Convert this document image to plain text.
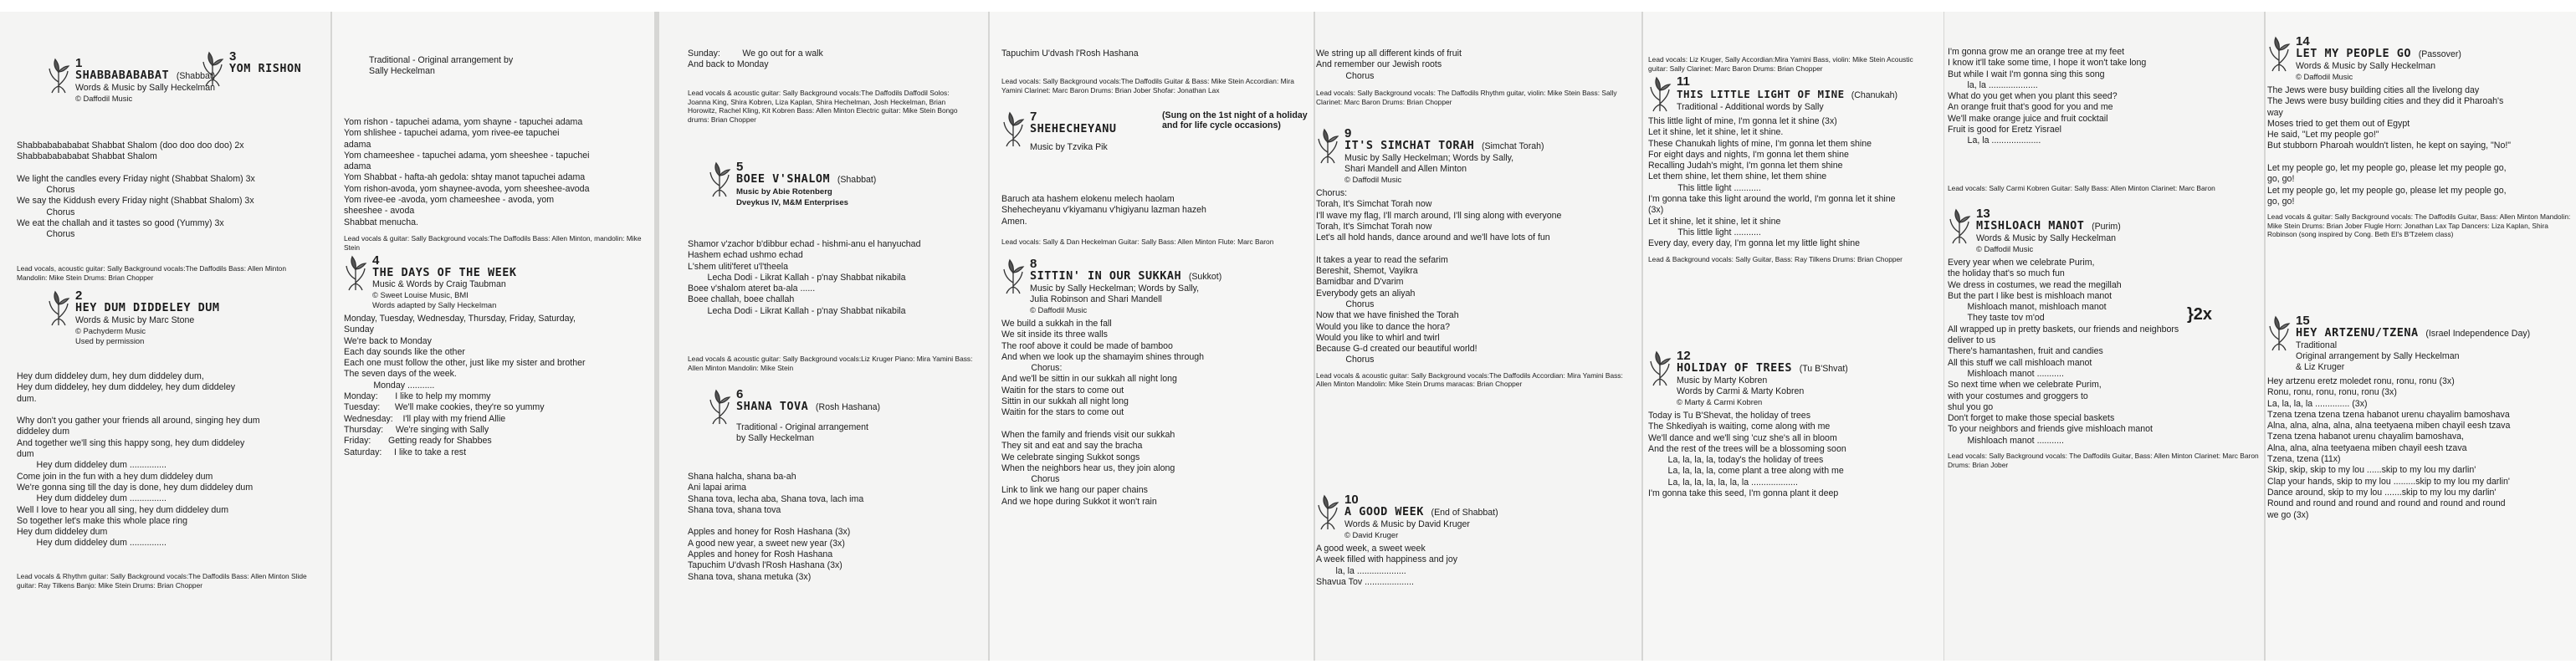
1
SHABBABABABAT (Shabbat)
Words & Music by Sally Heckelman
© Daffodil Music
Shabbababababat Shabbat Shalom (doo doo doo doo) 2x
Shabbababababat Shabbat Shalom

We light the candles every Friday night (Shabbat Shalom) 3x
Chorus
We say the Kiddush every Friday night (Shabbat Shalom) 3x
Chorus
We eat the challah and it tastes so good (Yummy) 3x
Chorus
Lead vocals, acoustic guitar: Sally Background vocals:The Daffodils Bass: Allen Minton Mandolin: Mike Stein Drums: Brian Chopper
2
HEY DUM DIDDELEY DUM
Words & Music by Marc Stone
© Pachyderm Music
Used by permission
Hey dum diddeley dum, hey dum diddeley dum,
Hey dum diddeley, hey dum diddeley, hey dum diddeley
dum.

Why don't you gather your friends all around, singing hey dum
diddeley dum
And together we'll sing this happy song, hey dum diddeley
dum
Hey dum diddeley dum ...............
Come join in the fun with a hey dum diddeley dum
We're gonna sing till the day is done, hey dum diddeley dum
Hey dum diddeley dum ...............
Well I love to hear you all sing, hey dum diddeley dum
So together let's make this whole place ring
Hey dum diddeley dum
Hey dum diddeley dum ...............
Lead vocals & Rhythm guitar: Sally Background vocals:The Daffodils Bass: Allen Minton Slide guitar: Ray Tilkens Banjo: Mike Stein Drums: Brian Chopper
3
YOM RISHON
Traditional - Original arrangement by
Sally Heckelman
Yom rishon - tapuchei adama, yom shayne - tapuchei adama
Yom shlishee - tapuchei adama, yom rivee-ee tapuchei
adama
Yom chameeshee - tapuchei adama, yom sheeshee - tapuchei
adama
Yom Shabbat - hafta-ah gedola: shtay manot tapuchei adama
Yom rishon-avoda, yom shaynee-avoda, yom sheeshee-avoda
Yom rivee-ee -avoda, yom chameeshee - avoda, yom
sheeshee - avoda
Shabbat menucha.
Lead vocals & guitar: Sally Background vocals:The Daffodils Bass: Allen Minton, mandolin: Mike Stein
4
THE DAYS OF THE WEEK
Music & Words by Craig Taubman
© Sweet Louise Music, BMI
Words adapted by Sally Heckelman
Monday, Tuesday, Wednesday, Thursday, Friday, Saturday,
Sunday
We're back to Monday
Each day sounds like the other
Each one must follow the other, just like my sister and brother
The seven days of the week.
Monday ...........
Monday:       I like to help my mommy
Tuesday:      We'll make cookies, they're so yummy
Wednesday:    I'll play with my friend Allie
Thursday:     We're singing with Sally
Friday:       Getting ready for Shabbes
Saturday:     I like to take a rest
Sunday:         We go out for a walk
And back to Monday
Lead vocals & acoustic guitar: Sally Background vocals:The Daffodils Daffodil Solos: Joanna King, Shira Kobren, Liza Kaplan, Shira Hechelman, Josh Heckelman, Brian Horowitz, Rachel Kling, Kit Kobren Bass: Allen Minton Electric guitar: Mike Stein Bongo drums: Brian Chopper
5
BOEE V'SHALOM (Shabbat)
Music by Abie Rotenberg
Dveykus IV, M&M Enterprises
Shamor v'zachor b'dibbur echad - hishmi-anu el hanyuchad
Hashem echad ushmo echad
L'shem uliti'feret u'l'theela
Lecha Dodi - Likrat Kallah - p'nay Shabbat nikabila
Boee v'shalom ateret ba-ala ......
Boee challah, boee challah
Lecha Dodi - Likrat Kallah - p'nay Shabbat nikabila
Lead vocals & acoustic guitar: Sally Background vocals:Liz Kruger Piano: Mira Yamini Bass: Allen Minton Mandolin: Mike Stein
6
SHANA TOVA (Rosh Hashana)
Traditional - Original arrangement
by Sally Heckelman
Shana halcha, shana ba-ah
Ani lapai arima
Shana tova, lecha aba, Shana tova, lach ima
Shana tova, shana tova

Apples and honey for Rosh Hashana (3x)
A good new year, a sweet new year (3x)
Apples and honey for Rosh Hashana
Tapuchim U'dvash l'Rosh Hashana (3x)
Shana tova, shana metuka (3x)
Tapuchim U'dvash l'Rosh Hashana
Lead vocals: Sally Background vocals:The Daffodils Guitar & Bass: Mike Stein Accordian: Mira Yamini Clarinet: Marc Baron Drums: Brian Jober Shofar: Jonathan Lax
7
SHEHECHEYANU
(Sung on the 1st night of a holiday and for life cycle occasions)
Music by Tzvika Pik
Baruch ata hashem elokenu melech haolam
Shehecheyanu v'kiyamanu v'higiyanu lazman hazeh
Amen.
Lead vocals: Sally & Dan Heckelman Guitar: Sally Bass: Allen Minton Flute: Marc Baron
8
SITTIN' IN OUR SUKKAH (Sukkot)
Music by Sally Heckelman; Words by Sally,
Julia Robinson and Shari Mandell
© Daffodil Music
We build a sukkah in the fall
We sit inside its three walls
The roof above it could be made of bamboo
And when we look up the shamayim shines through
Chorus:
And we'll be sittin in our sukkah all night long
Waitin for the stars to come out
Sittin in our sukkah all night long
Waitin for the stars to come out

When the family and friends visit our sukkah
They sit and eat and say the bracha
We celebrate singing Sukkot songs
When the neighbors hear us, they join along
Chorus
Link to link we hang our paper chains
And we hope during Sukkot it won't rain
We string up all different kinds of fruit
And remember our Jewish roots
Chorus
Lead vocals: Sally Background vocals: The Daffodils Rhythm guitar, violin: Mike Stein Bass: Sally Clarinet: Marc Baron Drums: Brian Chopper
9
IT'S SIMCHAT TORAH (Simchat Torah)
Music by Sally Heckelman; Words by Sally,
Shari Mandell and Allen Minton
© Daffodil Music
Chorus:
Torah, It's Simchat Torah now
I'll wave my flag, I'll march around, I'll sing along with everyone
Torah, It's Simchat Torah now
Let's all hold hands, dance around and we'll have lots of fun

It takes a year to read the sefarim
Bereshit, Shemot, Vayikra
Bamidbar and D'varim
Everybody gets an aliyah
Chorus
Now that we have finished the Torah
Would you like to dance the hora?
Would you like to whirl and twirl
Because G-d created our beautiful world!
Chorus
Lead vocals & acoustic guitar: Sally Background vocals:The Daffodils Accordian: Mira Yamini Bass: Allen Minton Mandolin: Mike Stein Drums maracas: Brian Chopper
10
A GOOD WEEK (End of Shabbat)
Words & Music by David Kruger
© David Kruger
A good week, a sweet week
A week filled with happiness and joy
la, la ....................
Shavua Tov ....................
Lead vocals: Liz Kruger, Sally Accordian:Mira Yamini Bass, violin: Mike Stein Acoustic guitar: Sally Clarinet: Marc Baron Drums: Brian Chopper
11
THIS LITTLE LIGHT OF MINE (Chanukah)
Traditional - Additional words by Sally
This little light of mine, I'm gonna let it shine (3x)
Let it shine, let it shine, let it shine.
These Chanukah lights of mine, I'm gonna let them shine
For eight days and nights, I'm gonna let them shine
Recalling Judah's might, I'm gonna let them shine
Let them shine, let them shine, let them shine
This little light ...........
I'm gonna take this light around the world, I'm gonna let it shine
(3x)
Let it shine, let it shine, let it shine
This little light ...........
Every day, every day, I'm gonna let my little light shine
Lead & Background vocals: Sally Guitar, Bass: Ray Tilkens Drums: Brian Chopper
12
HOLIDAY OF TREES (Tu B'Shvat)
Music by Marty Kobren
Words by Carmi & Marty Kobren
© Marty & Carmi Kobren
Today is Tu B'Shevat, the holiday of trees
The Shkediyah is waiting, come along with me
We'll dance and we'll sing 'cuz she's all in bloom
And the rest of the trees will be a blossoming soon
La, la, la, la, today's the holiday of trees
La, la, la, la, come plant a tree along with me
La, la, la, la, la, la, la ...................
I'm gonna take this seed, I'm gonna plant it deep
I'm gonna grow me an orange tree at my feet
I know it'll take some time, I hope it won't take long
But while I wait I'm gonna sing this song
la, la ....................
What do you get when you plant this seed?
An orange fruit that's good for you and me
We'll make orange juice and fruit cocktail
Fruit is good for Eretz Yisrael
La, la ....................
Lead vocals: Sally Carmi Kobren Guitar: Sally Bass: Allen Minton Clarinet: Marc Baron
13
MISHLOACH MANOT (Purim)
Words & Music by Sally Heckelman
© Daffodil Music
Every year when we celebrate Purim,
the holiday that's so much fun
We dress in costumes, we read the megillah
But the part I like best is mishloach manot
Mishloach manot, mishloach manot
They taste tov m'od
All wrapped up in pretty baskets, our friends and neighbors
deliver to us
There's hamantashen, fruit and candies
All this stuff we call mishloach manot
Mishloach manot ...........
So next time when we celebrate Purim,
with your costumes and groggers to
shul you go
Don't forget to make those special baskets
To your neighbors and friends give mishloach manot
Mishloach manot ...........
}2x
Lead vocals: Sally Background vocals: The Daffodils Guitar, Bass: Allen Minton Clarinet: Marc Baron Drums: Brian Jober
14
LET MY PEOPLE GO (Passover)
Words & Music by Sally Heckelman
© Daffodil Music
The Jews were busy building cities all the livelong day
The Jews were busy building cities and they did it Pharoah's
way
Moses tried to get them out of Egypt
He said, "Let my people go!"
But stubborn Pharoah wouldn't listen, he kept on saying, "No!"

Let my people go, let my people go, please let my people go,
go, go!
Let my people go, let my people go, please let my people go,
go, go!
Lead vocals & guitar: Sally Background vocals: The Daffodils Guitar, Bass: Allen Minton Mandolin: Mike Stein Drums: Brian Jober Flugle Horn: Jonathan Lax Tap Dancers: Liza Kaplan, Shira Robinson (song inspired by Cong. Beth El's B'Tzelem class)
15
HEY ARTZENU/TZENA (Israel Independence Day)
Traditional
Original arrangement by Sally Heckelman
& Liz Kruger
Hey artzenu eretz moledet ronu, ronu, ronu (3x)
Ronu, ronu, ronu, ronu, ronu (3x)
La, la, la, la .............. (3x)
Tzena tzena tzena tzena habanot urenu chayalim bamoshava
Alna, alna, alna, alna, alna teetyaena miben chayil eesh tzava
Tzena tzena habanot urenu chayalim bamoshava,
Alna, alna, alna teetyaena miben chayil eesh tzava
Tzena, tzena (11x)
Skip, skip, skip to my lou ......skip to my lou my darlin'
Clap your hands, skip to my lou .........skip to my lou my darlin'
Dance around, skip to my lou .......skip to my lou my darlin'
Round and round and round and round and round and round
we go (3x)
